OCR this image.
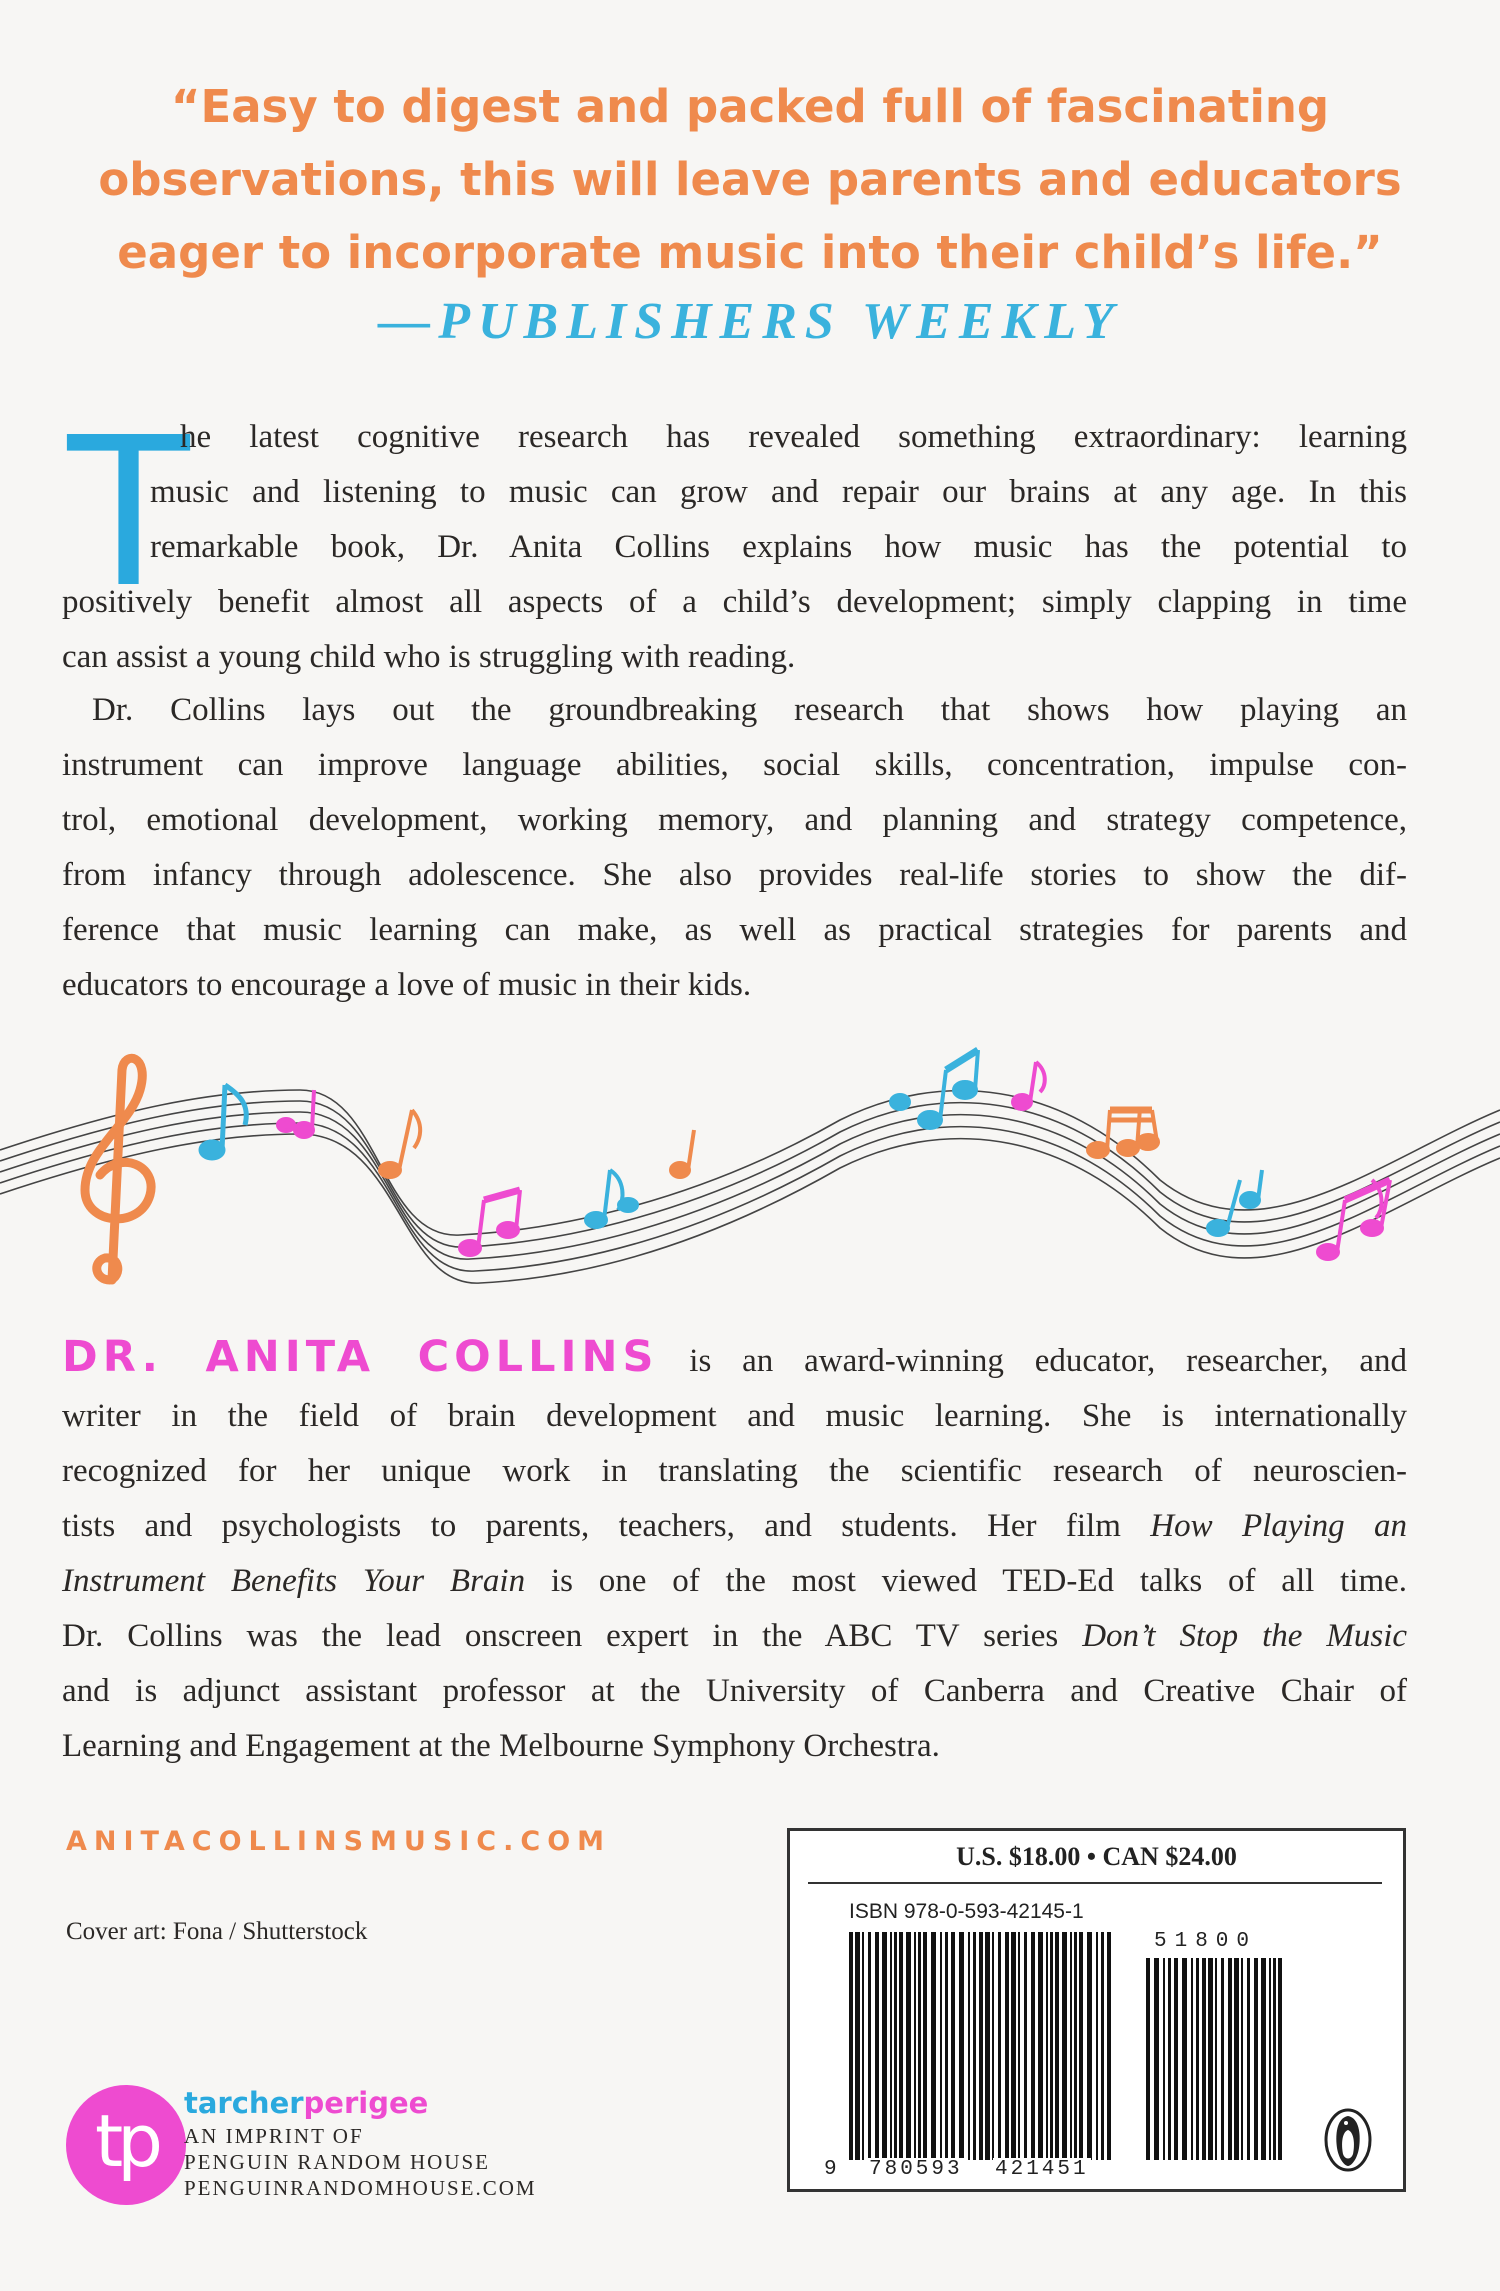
“Easy to digest and packed full of fascinating
observations, this will leave parents and educators
eager to incorporate music into their child’s life.”
—PUBLISHERS WEEKLY
T
he latest cognitive research has revealed something extraordinary: learning
music and listening to music can grow and repair our brains at any age. In this
remarkable book, Dr. Anita Collins explains how music has the potential to
positively benefit almost all aspects of a child’s development; simply clapping in time
can assist a young child who is struggling with reading.
Dr. Collins lays out the groundbreaking research that shows how playing an
instrument can improve language abilities, social skills, concentration, impulse con-
trol, emotional development, working memory, and planning and strategy competence,
from infancy through adolescence. She also provides real-life stories to show the dif-
ference that music learning can make, as well as practical strategies for parents and
educators to encourage a love of music in their kids.
DR. ANITA COLLINS is an award-winning educator, researcher, and
writer in the field of brain development and music learning. She is internationally
recognized for her unique work in translating the scientific research of neuroscien-
tists and psychologists to parents, teachers, and students. Her film How Playing an
Instrument Benefits Your Brain is one of the most viewed TED-Ed talks of all time.
Dr. Collins was the lead onscreen expert in the ABC TV series Don’t Stop the Music
and is adjunct assistant professor at the University of Canberra and Creative Chair of
Learning and Engagement at the Melbourne Symphony Orchestra.
ANITACOLLINSMUSIC.COM
Cover art: Fona / Shutterstock
tp tarcherperigee
AN IMPRINT OF
PENGUIN RANDOM HOUSE
PENGUINRANDOMHOUSE.COM
U.S. $18.00 • CAN $24.00
ISBN 978-0-593-42145-1
9 780593 421451
51800
